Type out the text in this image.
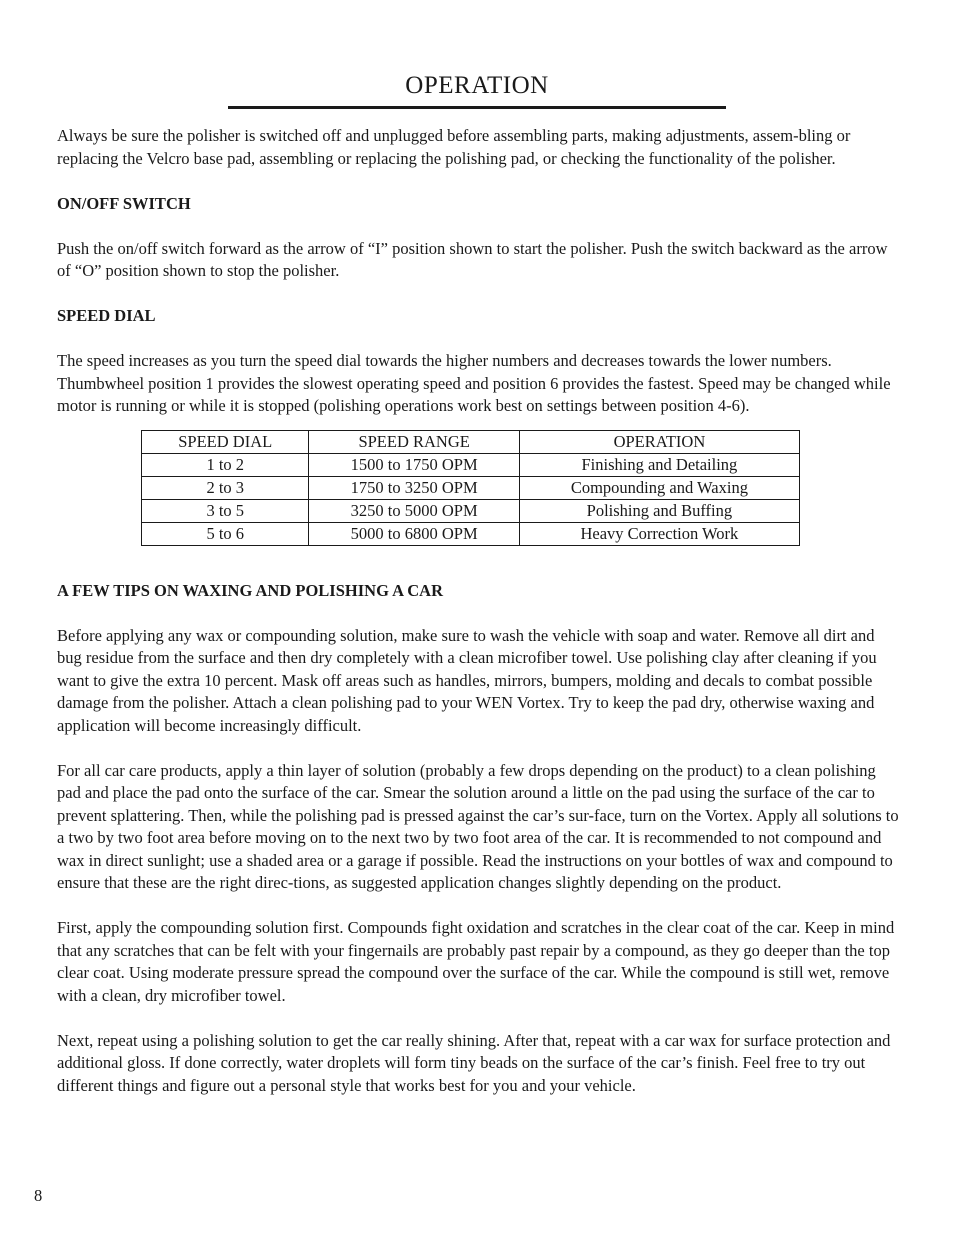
OPERATION

Always be sure the polisher is switched off and unplugged before assembling parts, making adjustments, assem-bling or replacing the Velcro base pad, assembling or replacing the polishing pad, or checking the functionality of the polisher.

ON/OFF SWITCH

Push the on/off switch forward as the arrow of “I” position shown to start the polisher. Push the switch backward as the arrow of “O” position shown to stop the polisher.

SPEED DIAL

The speed increases as you turn the speed dial towards the higher numbers and decreases towards the lower numbers. Thumbwheel position 1 provides the slowest operating speed and position 6 provides the fastest. Speed may be changed while motor is running or while it is stopped (polishing operations work best on settings between position 4-6).

SPEED DIAL	SPEED RANGE	OPERATION
1 to 2	1500 to 1750 OPM	Finishing and Detailing
2 to 3	1750 to 3250 OPM	Compounding and Waxing
3 to 5	3250 to 5000 OPM	Polishing and Buffing
5 to 6	5000 to 6800 OPM	Heavy Correction Work
A FEW TIPS ON WAXING AND POLISHING A CAR

Before applying any wax or compounding solution, make sure to wash the vehicle with soap and water. Remove all dirt and bug residue from the surface and then dry completely with a clean microfiber towel. Use polishing clay after cleaning if you want to give the extra 10 percent. Mask off areas such as handles, mirrors, bumpers, molding and decals to combat possible damage from the polisher. Attach a clean polishing pad to your WEN Vortex. Try to keep the pad dry, otherwise waxing and application will become increasingly difficult.

For all car care products, apply a thin layer of solution (probably a few drops depending on the product) to a clean polishing pad and place the pad onto the surface of the car. Smear the solution around a little on the pad using the surface of the car to prevent splattering. Then, while the polishing pad is pressed against the car’s sur-face, turn on the Vortex. Apply all solutions to a two by two foot area before moving on to the next two by two foot area of the car. It is recommended to not compound and wax in direct sunlight; use a shaded area or a garage if possible. Read the instructions on your bottles of wax and compound to ensure that these are the right direc-tions, as suggested application changes slightly depending on the product.

First, apply the compounding solution first. Compounds fight oxidation and scratches in the clear coat of the car. Keep in mind that any scratches that can be felt with your fingernails are probably past repair by a compound, as they go deeper than the top clear coat. Using moderate pressure spread the compound over the surface of the car. While the compound is still wet, remove with a clean, dry microfiber towel.

Next, repeat using a polishing solution to get the car really shining. After that, repeat with a car wax for surface protection and additional gloss. If done correctly, water droplets will form tiny beads on the surface of the car’s finish. Feel free to try out different things and figure out a personal style that works best for you and your vehicle.

8
